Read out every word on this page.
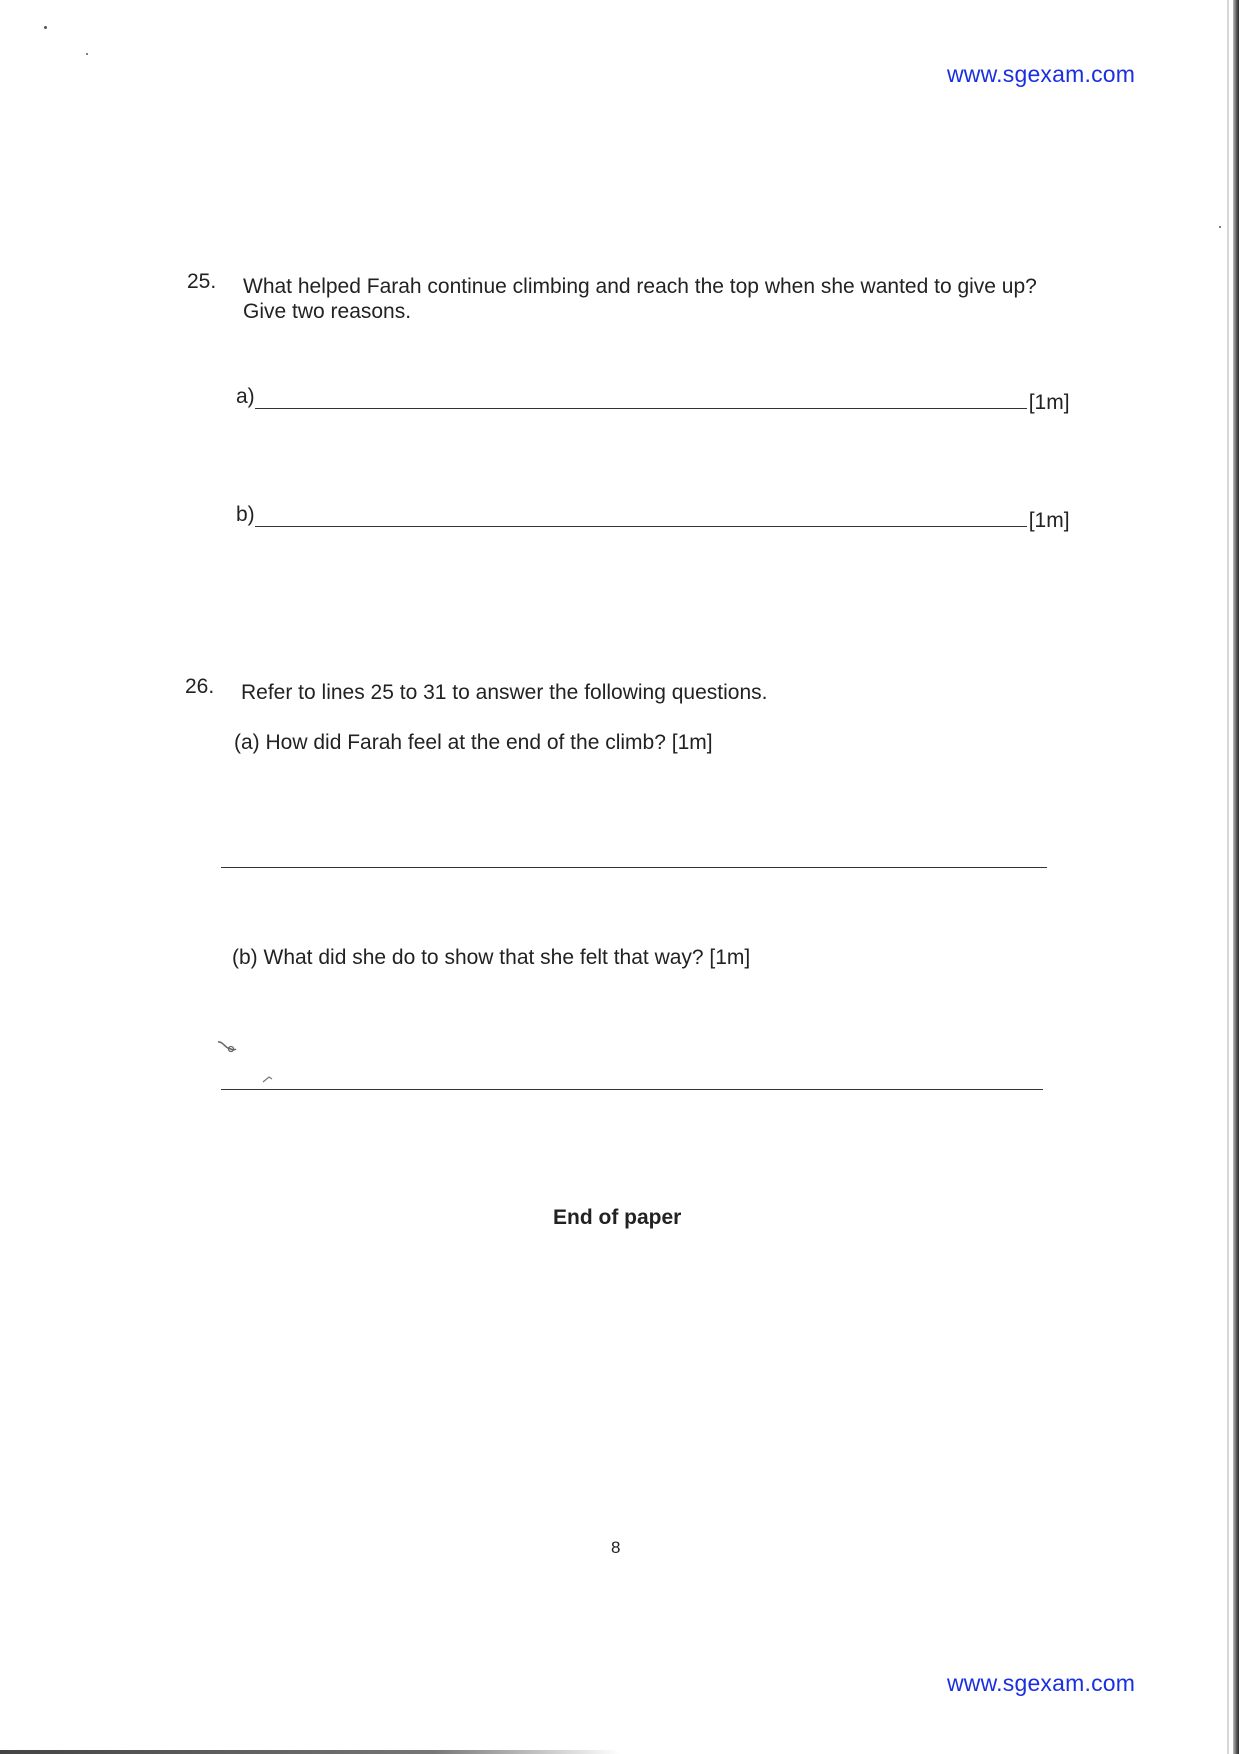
www.sgexam.com
25. What helped Farah continue climbing and reach the top when she wanted to give up?
Give two reasons.
a)	[1m]
b)	[1m]
26. Refer to lines 25 to 31 to answer the following questions.
(a) How did Farah feel at the end of the climb? [1m]
(b) What did she do to show that she felt that way? [1m]
End of paper
8
www.sgexam.com
